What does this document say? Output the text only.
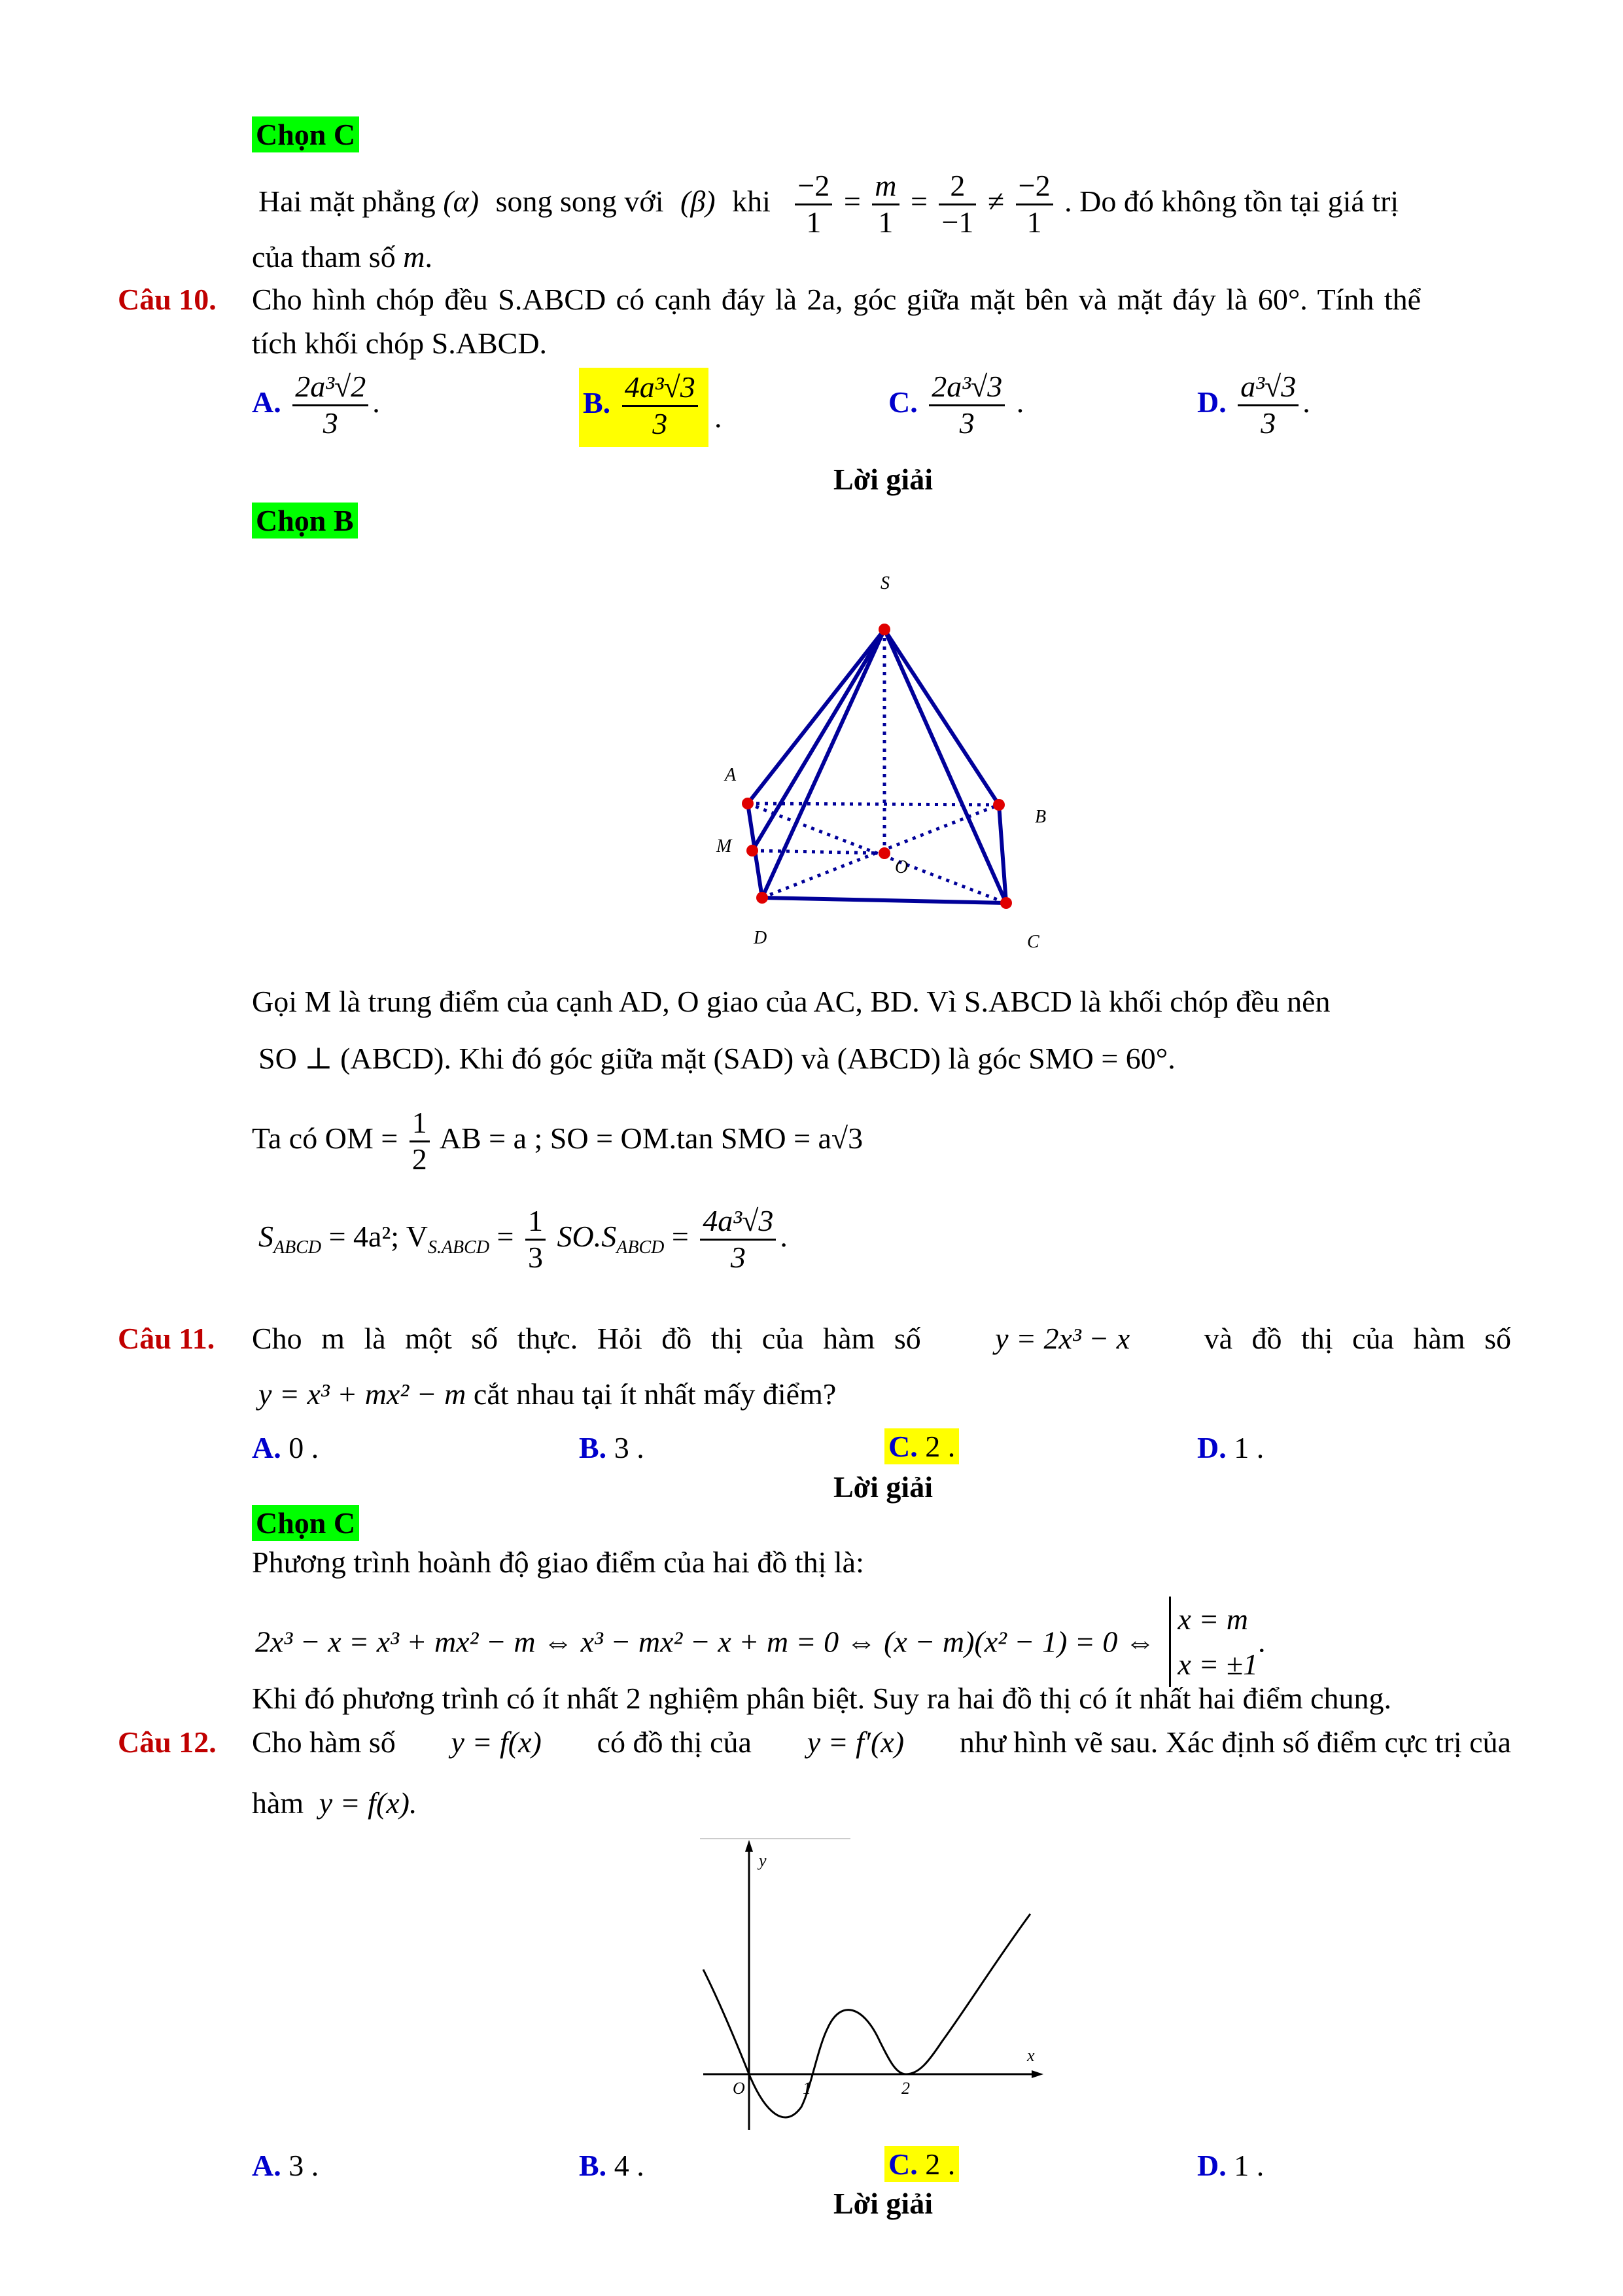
Chọn C
Hai mặt phẳng (α) song song với (β) khi $\frac{-2}{1} = \frac{m}{1} = \frac{2}{-1} \ne \frac{-2}{1}$ . Do đó không tồn tại giá trị
của tham số m.
Câu 10. Cho hình chóp đều S.ABCD có cạnh đáy là 2a, góc giữa mặt bên và mặt đáy là 60°. Tính thể
tích khối chóp S.ABCD.
A. $\frac{\text{2a³√2}}{3}$ .	B. $\frac{\text{4a³√3}}{3}$ .	C. $\frac{\text{2a³√3}}{3}$ .	D. $\frac{\text{a³√3}}{3}$ .
Lời giải
Chọn B
S
A
B
M
O
D	C
Gọi M là trung điểm của cạnh AD, O giao của AC, BD. Vì S.ABCD là khối chóp đều nên
SO ⊥ (ABCD). Khi đó góc giữa mặt (SAD) và (ABCD) là góc SMO = 60°.
Ta có OM = $\frac{1}{2}$ AB = a ; SO = OM.tan SMO = a√3
$S_{ABCD} = 4a^2$; $V_{S.ABCD} = \frac{1}{3} SO.S_{ABCD} = \frac{\text{4a³√3}}{3}$ .
Câu 11. Cho m là một số thực. Hỏi đồ thị của hàm số y = 2x³ − x và đồ thị của hàm số
y = x³ + mx² − m cắt nhau tại ít nhất mấy điểm?
A. 0 .	B. 3 .	C. 2 .	D. 1 .
Lời giải
Chọn C
Phương trình hoành độ giao điểm của hai đồ thị là:
2x³ − x = x³ + mx² − m ⇔ x³ − mx² − x + m = 0 ⇔ (x − m)(x² − 1) = 0 ⇔
x = m
x = ±1
.
Khi đó phương trình có ít nhất 2 nghiệm phân biệt. Suy ra hai đồ thị có ít nhất hai điểm chung.
Câu 12. Cho hàm số y = f(x) có đồ thị của y = f′(x) như hình vẽ sau. Xác định số điểm cực trị của
hàm y = f(x).
y
x
O	1	2
A. 3 .	B. 4 .	C. 2 .	D. 1 .
Lời giải
